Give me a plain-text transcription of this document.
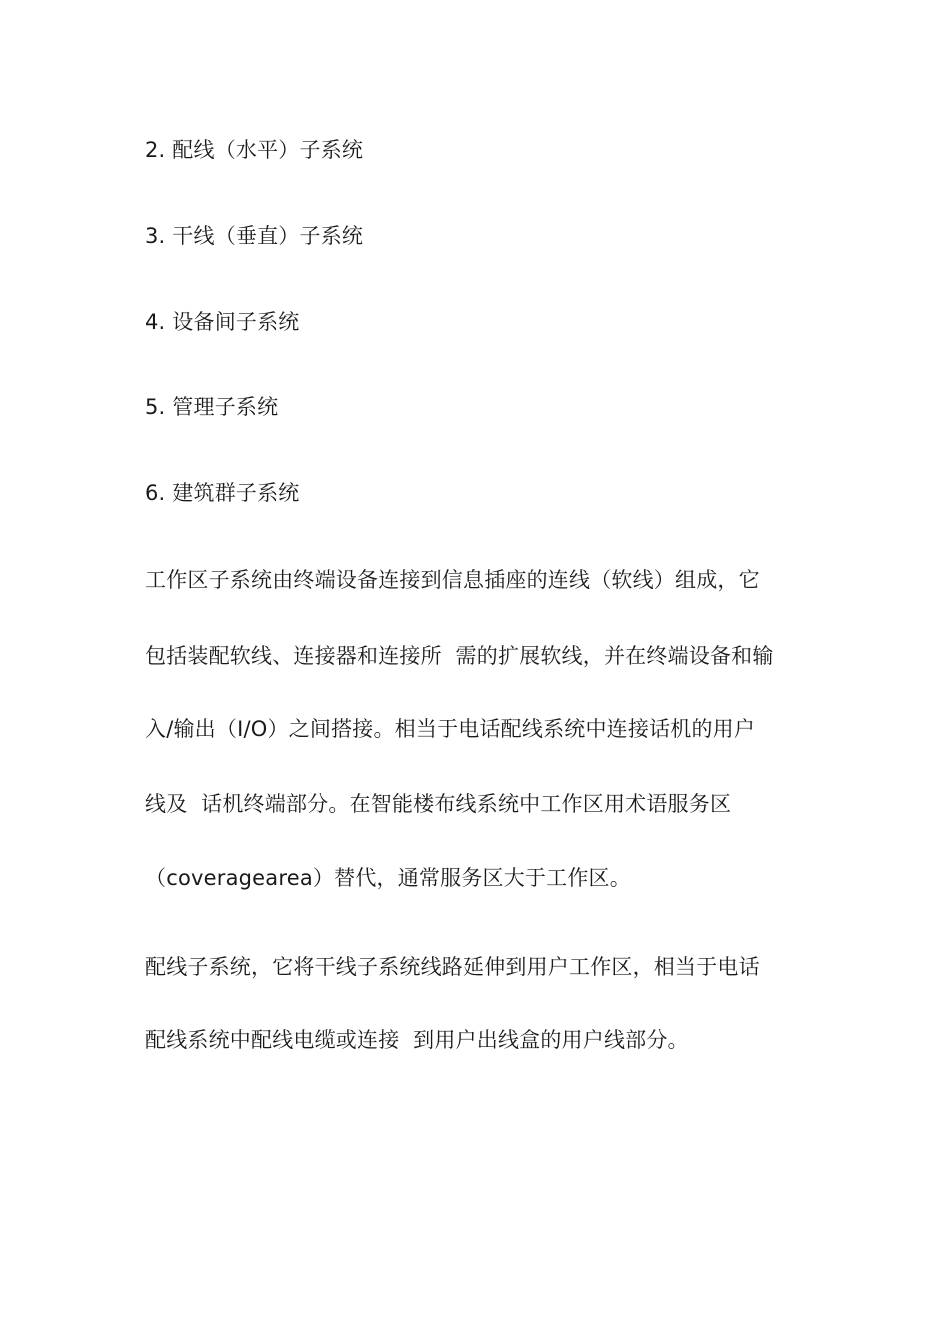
2. 配线（水平）子系统
3. 干线（垂直）子系统
4. 设备间子系统
5. 管理子系统
6. 建筑群子系统
工作区子系统由终端设备连接到信息插座的连线（软线）组成，它
包括装配软线、连接器和连接所  需的扩展软线，并在终端设备和输
入/输出（I/O）之间搭接。相当于电话配线系统中连接话机的用户
线及  话机终端部分。在智能楼布线系统中工作区用术语服务区
（coveragearea）替代，通常服务区大于工作区。
配线子系统，它将干线子系统线路延伸到用户工作区，相当于电话
配线系统中配线电缆或连接  到用户出线盒的用户线部分。
